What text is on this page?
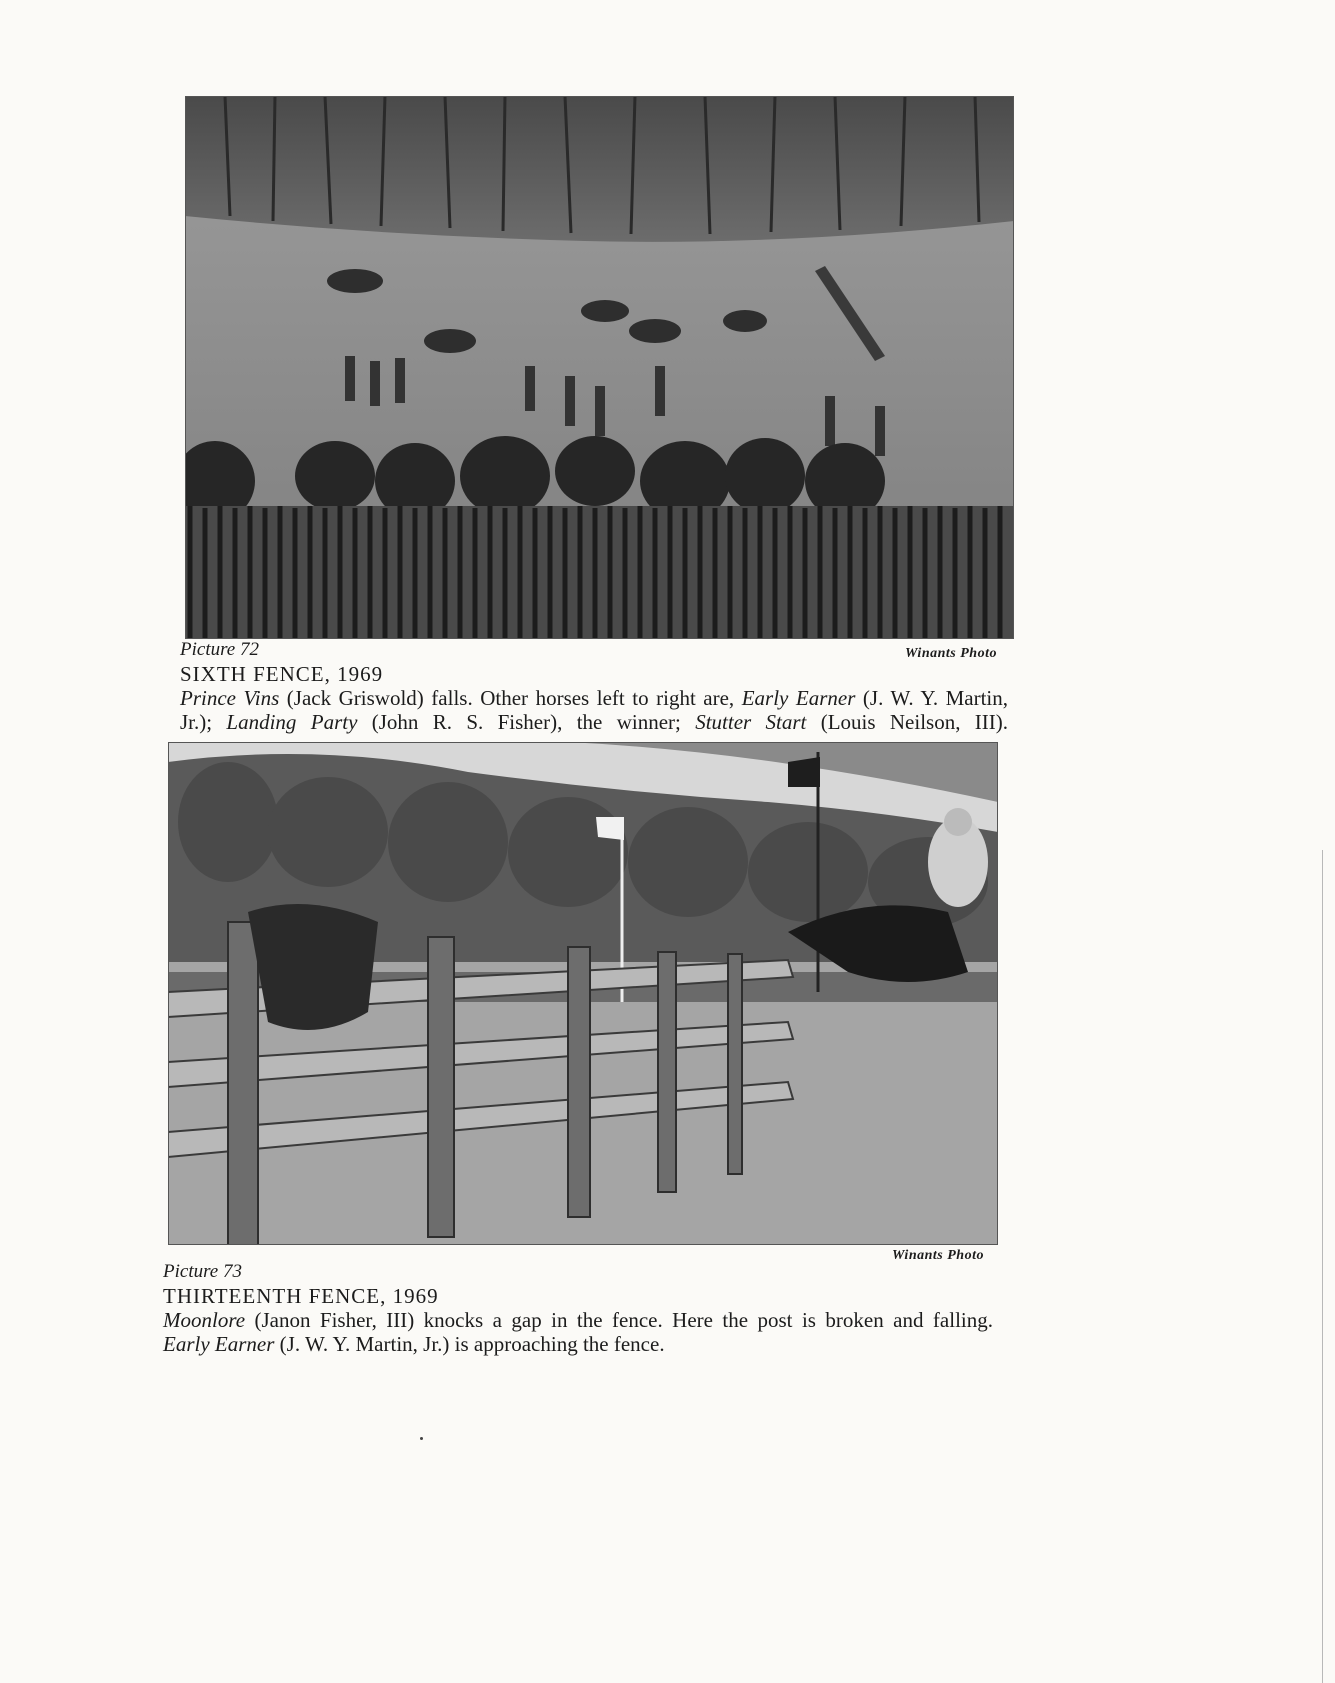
Winants Photo
Picture 72
SIXTH FENCE, 1969
Prince Vins (Jack Griswold) falls. Other horses left to right are, Early Earner (J. W. Y. Martin,
Jr.); Landing Party (John R. S. Fisher), the winner; Stutter Start (Louis Neilson, III).
Winants Photo
Picture 73
THIRTEENTH FENCE, 1969
Moonlore (Janon Fisher, III) knocks a gap in the fence. Here the post is broken and falling.
Early Earner (J. W. Y. Martin, Jr.) is approaching the fence.
